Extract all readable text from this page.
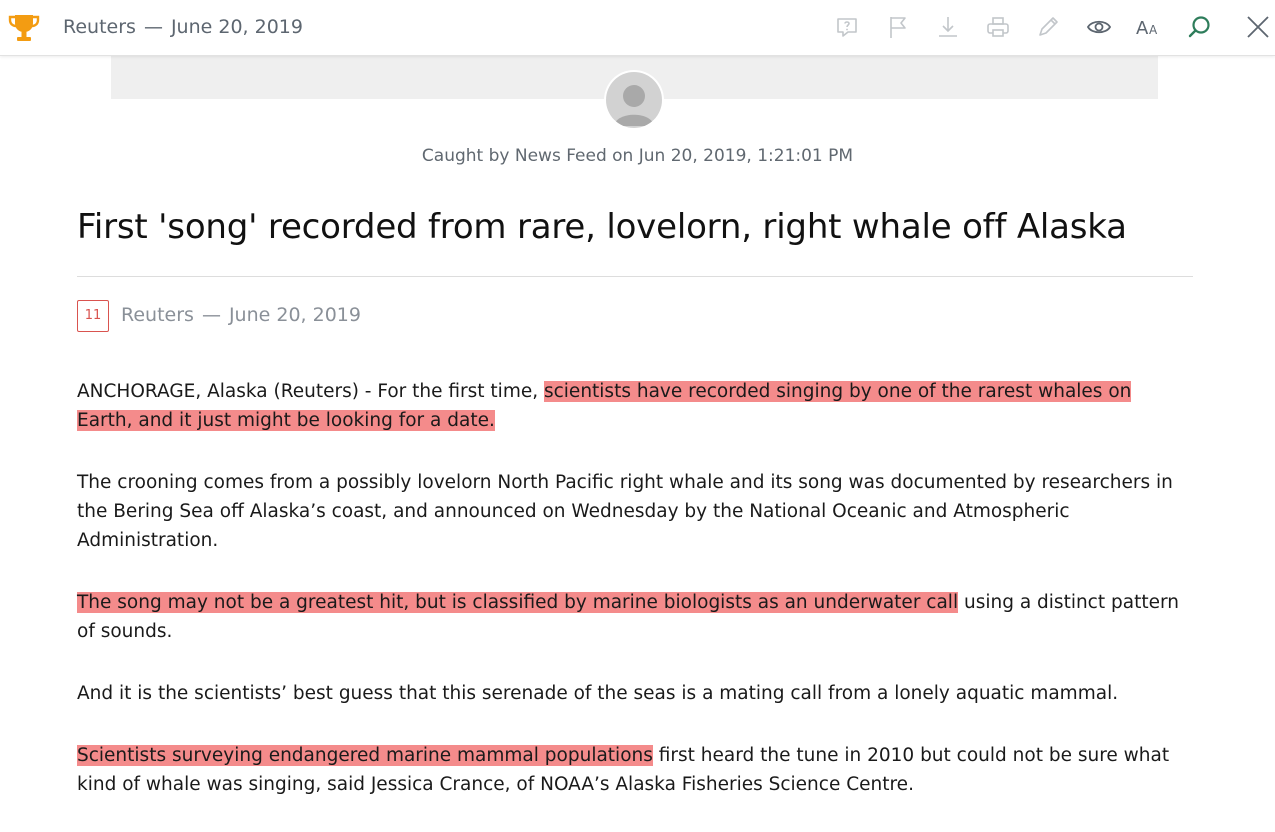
Reuters — June 20, 2019	A A
Caught by News Feed on Jun 20, 2019, 1:21:01 PM
First 'song' recorded from rare, lovelorn, right whale off Alaska
11	Reuters — June 20, 2019

ANCHORAGE, Alaska (Reuters) - For the first time, scientists have recorded singing by one of the rarest whales on Earth, and it just might be looking for a date.

The crooning comes from a possibly lovelorn North Pacific right whale and its song was documented by researchers in the Bering Sea off Alaska’s coast, and announced on Wednesday by the National Oceanic and Atmospheric Administration.

The song may not be a greatest hit, but is classified by marine biologists as an underwater call using a distinct pattern of sounds.

And it is the scientists’ best guess that this serenade of the seas is a mating call from a lonely aquatic mammal.

Scientists surveying endangered marine mammal populations first heard the tune in 2010 but could not be sure what kind of whale was singing, said Jessica Crance, of NOAA’s Alaska Fisheries Science Centre.
